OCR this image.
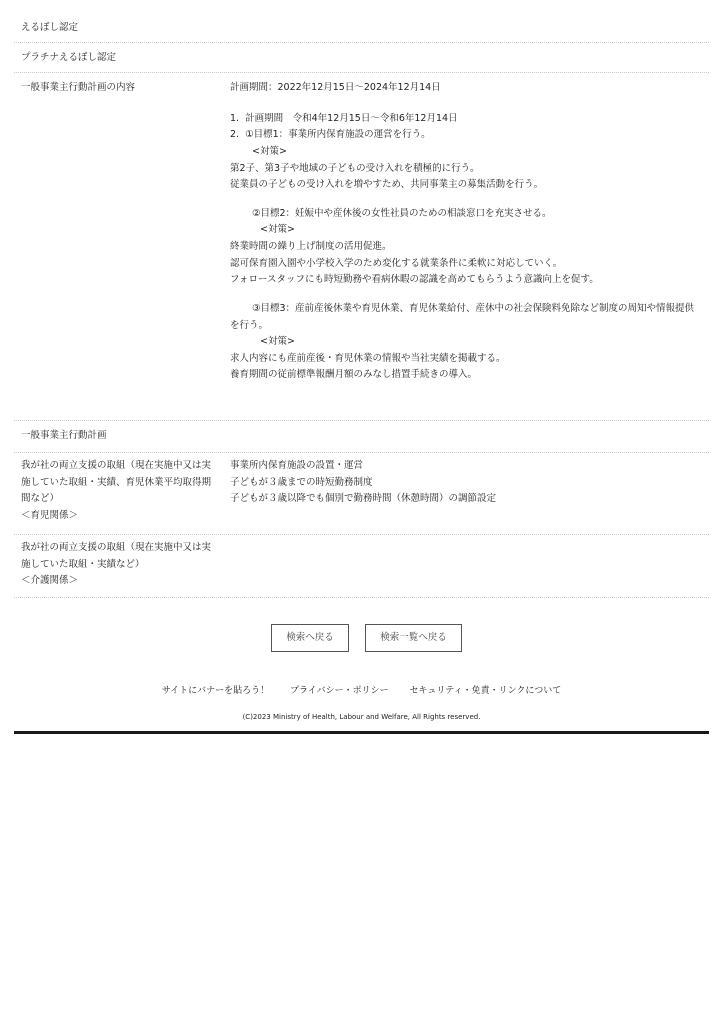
えるぼし認定
プラチナえるぼし認定
一般事業主行動計画の内容	計画期間：2022年12月15日〜2024年12月14日

1.  計画期間　令和4年12月15日〜令和6年12月14日

2.  ①目標1：事業所内保育施設の運営を行う。

<対策>

第2子、第3子や地域の子どもの受け入れを積極的に行う。

従業員の子どもの受け入れを増やすため、共同事業主の募集活動を行う。

②目標2：妊娠中や産休後の女性社員のための相談窓口を充実させる。

<対策>

終業時間の繰り上げ制度の活用促進。

認可保育園入園や小学校入学のため変化する就業条件に柔軟に対応していく。

フォロースタッフにも時短勤務や看病休暇の認識を高めてもらうよう意識向上を促す。

③目標3：産前産後休業や育児休業、育児休業給付、産休中の社会保険料免除など制度の周知や情報提供

を行う。

<対策>

求人内容にも産前産後・育児休業の情報や当社実績を掲載する。

養育期間の従前標準報酬月額のみなし措置手続きの導入。

一般事業主行動計画

我が社の両立支援の取組（現在実施中又は実

施していた取組・実績、育児休業平均取得期

間など）

＜育児関係＞

事業所内保育施設の設置・運営

子どもが３歳までの時短勤務制度

子どもが３歳以降でも個別で勤務時間（休憩時間）の調節設定

我が社の両立支援の取組（現在実施中又は実

施していた取組・実績など）

＜介護関係＞

検索へ戻る	検索一覧へ戻る
サイトにバナーを貼ろう！ プライバシー・ポリシー セキュリティ・免責・リンクについて
(C)2023 Ministry of Health, Labour and Welfare, All Rights reserved.
